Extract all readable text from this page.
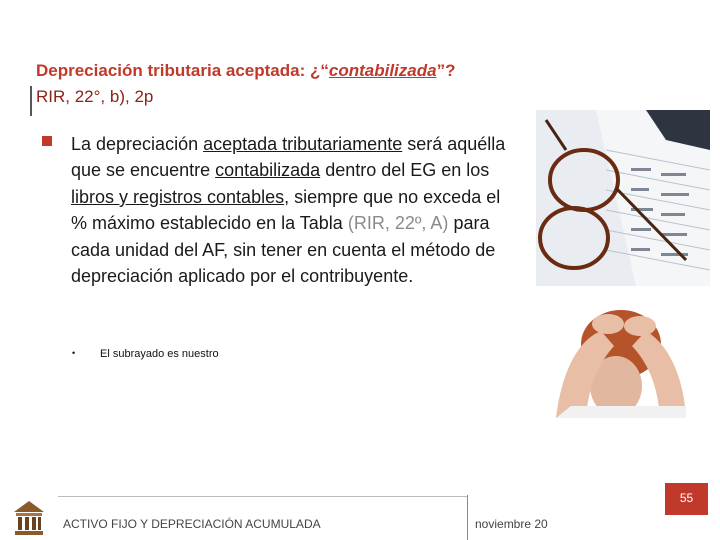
Depreciación tributaria aceptada: ¿“contabilizada”?
RIR, 22°, b), 2p
La depreciación aceptada tributariamente será aquélla que se encuentre contabilizada dentro del EG en los libros y registros contables, siempre que no exceda el % máximo establecido en la Tabla (RIR, 22º, A) para cada unidad del AF, sin tener en cuenta el método de depreciación aplicado por el contribuyente.
• El subrayado es nuestro
ACTIVO FIJO Y DEPRECIACIÓN ACUMULADA	noviembre 20
55
